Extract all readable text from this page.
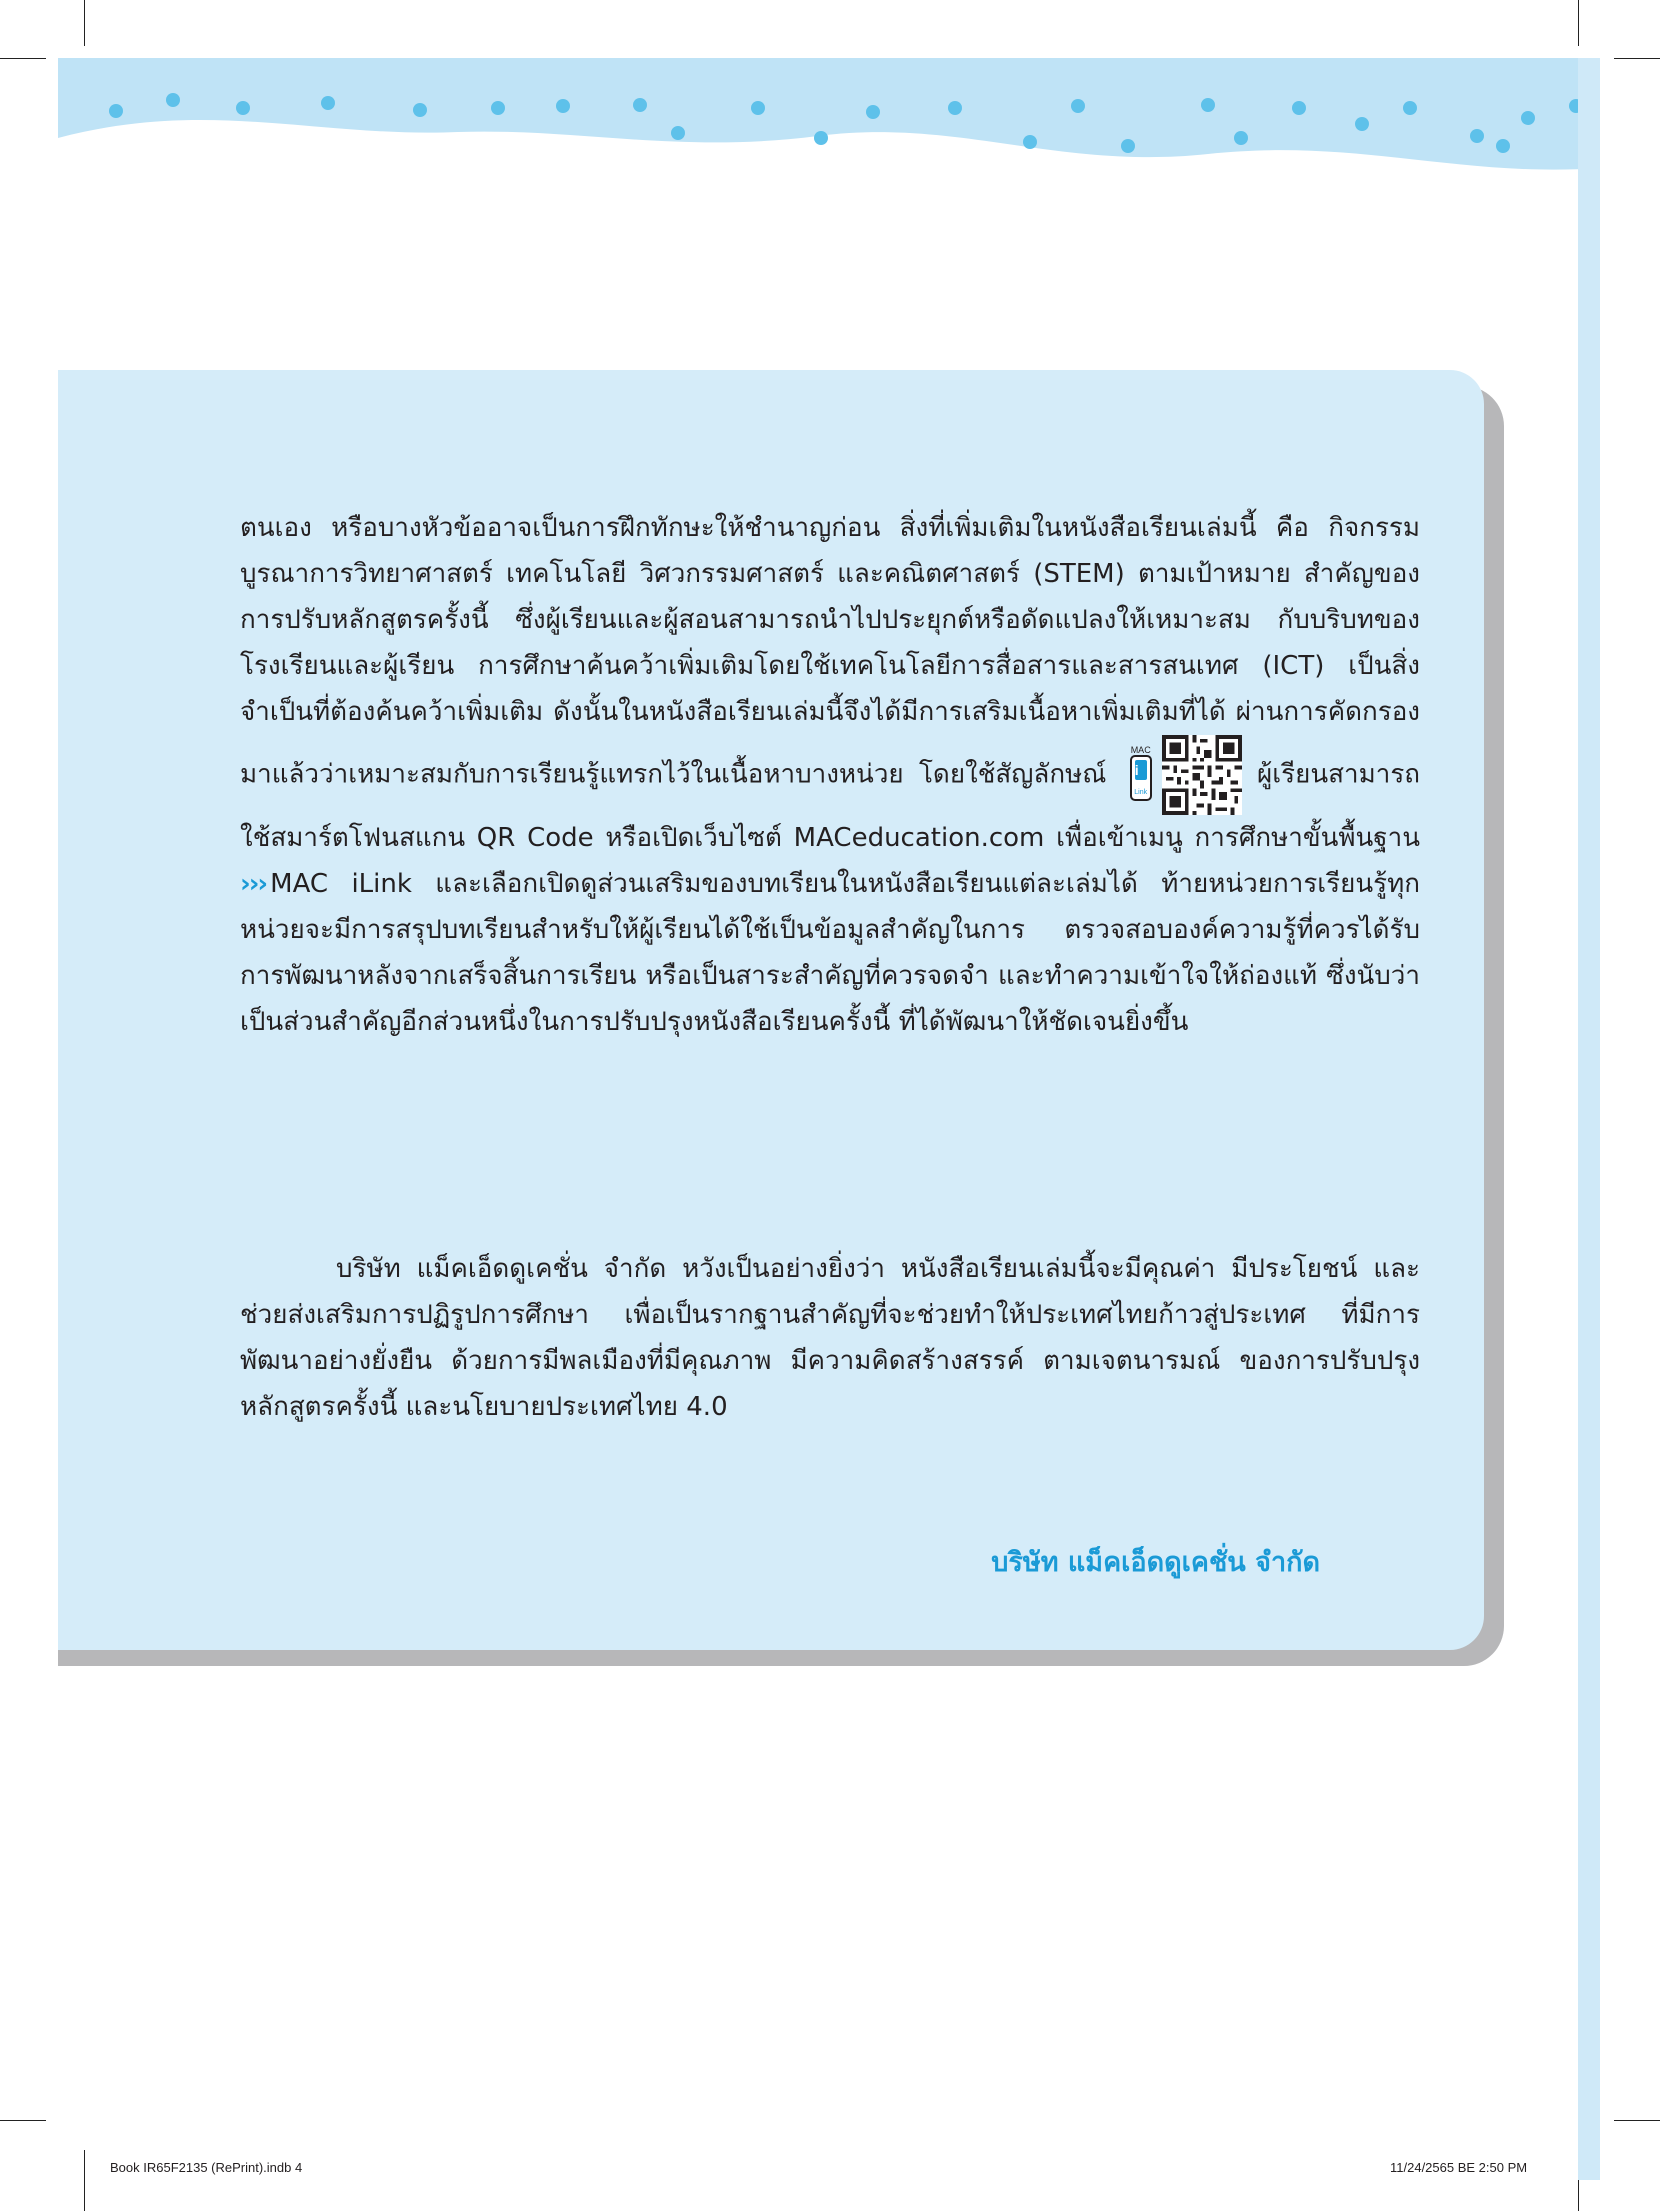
ตนเอง หรือบางหัวข้ออาจเป็นการฝึกทักษะให้ชำนาญก่อน สิ่งที่เพิ่มเติมในหนังสือเรียนเล่มนี้ คือ กิจกรรมบูรณาการวิทยาศาสตร์ เทคโนโลยี วิศวกรรมศาสตร์ และคณิตศาสตร์ (STEM) ตามเป้าหมาย สำคัญของการปรับหลักสูตรครั้งนี้ ซึ่งผู้เรียนและผู้สอนสามารถนำไปประยุกต์หรือดัดแปลงให้เหมาะสม กับบริบทของโรงเรียนและผู้เรียน การศึกษาค้นคว้าเพิ่มเติมโดยใช้เทคโนโลยีการสื่อสารและสารสนเทศ (ICT) เป็นสิ่งจำเป็นที่ต้องค้นคว้าเพิ่มเติม ดังนั้นในหนังสือเรียนเล่มนี้จึงได้มีการเสริมเนื้อหาเพิ่มเติมที่ได้ ผ่านการคัดกรองมาแล้วว่าเหมาะสมกับการเรียนรู้แทรกไว้ในเนื้อหาบางหน่วย โดยใช้สัญลักษณ์
MAC
i
Link
ผู้เรียนสามารถใช้สมาร์ตโฟนสแกน QR Code หรือเปิดเว็บไซต์ MACeducation.com เพื่อเข้าเมนู การศึกษาขั้นพื้นฐาน ››› MAC iLink และเลือกเปิดดูส่วนเสริมของบทเรียนในหนังสือเรียนแต่ละเล่มได้ ท้ายหน่วยการเรียนรู้ทุกหน่วยจะมีการสรุปบทเรียนสำหรับให้ผู้เรียนได้ใช้เป็นข้อมูลสำคัญในการ ตรวจสอบองค์ความรู้ที่ควรได้รับการพัฒนาหลังจากเสร็จสิ้นการเรียน หรือเป็นสาระสำคัญที่ควรจดจำ และทำความเข้าใจให้ถ่องแท้ ซึ่งนับว่าเป็นส่วนสำคัญอีกส่วนหนึ่งในการปรับปรุงหนังสือเรียนครั้งนี้ ที่ได้พัฒนาให้ชัดเจนยิ่งขึ้น

บริษัท แม็คเอ็ดดูเคชั่น จำกัด หวังเป็นอย่างยิ่งว่า หนังสือเรียนเล่มนี้จะมีคุณค่า มีประโยชน์ และช่วยส่งเสริมการปฏิรูปการศึกษา เพื่อเป็นรากฐานสำคัญที่จะช่วยทำให้ประเทศไทยก้าวสู่ประเทศ ที่มีการพัฒนาอย่างยั่งยืน ด้วยการมีพลเมืองที่มีคุณภาพ มีความคิดสร้างสรรค์ ตามเจตนารมณ์ ของการปรับปรุงหลักสูตรครั้งนี้ และนโยบายประเทศไทย 4.0

บริษัท แม็คเอ็ดดูเคชั่น จำกัด
Book IR65F2135 (RePrint).indb 4	11/24/2565 BE 2:50 PM
